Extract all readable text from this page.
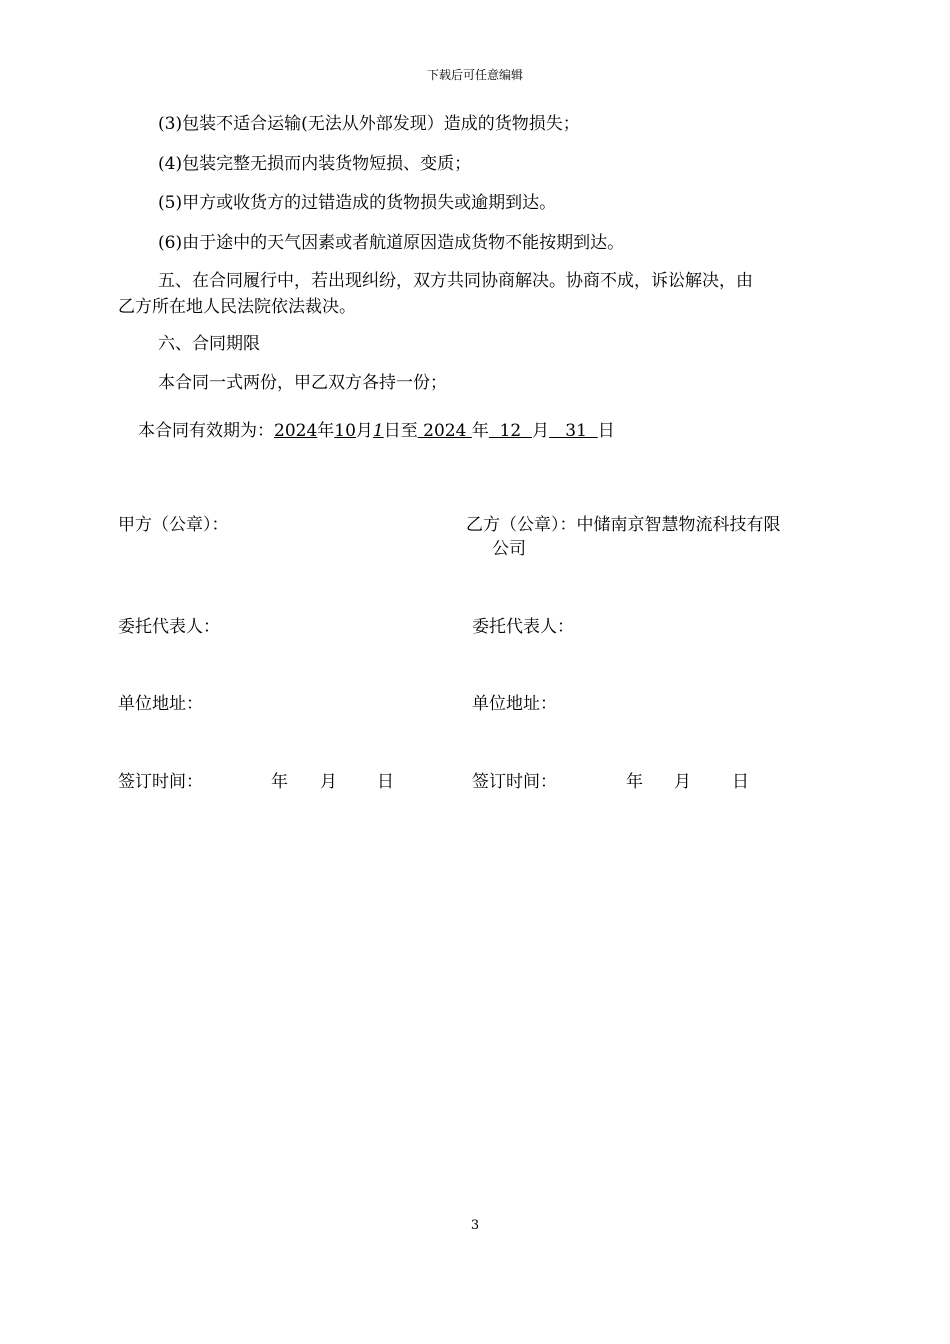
下载后可任意编辑
(3)包装不适合运输(无法从外部发现）造成的货物损失；
(4)包装完整无损而内装货物短损、变质；
(5)甲方或收货方的过错造成的货物损失或逾期到达。
(6)由于途中的天气因素或者航道原因造成货物不能按期到达。
五、在合同履行中，若出现纠纷，双方共同协商解决。协商不成，诉讼解决，由
乙方所在地人民法院依法裁决。
六、合同期限
本合同一式两份，甲乙双方各持一份；
本合同有效期为：2024年10月1日至 2024 年  12  月   31  日
甲方（公章）：
委托代表人：
单位地址：
签订时间：	年 月 日
乙方（公章）：中储南京智慧物流科技有限
公司
委托代表人：
单位地址：
签订时间：	年 月 日
3
